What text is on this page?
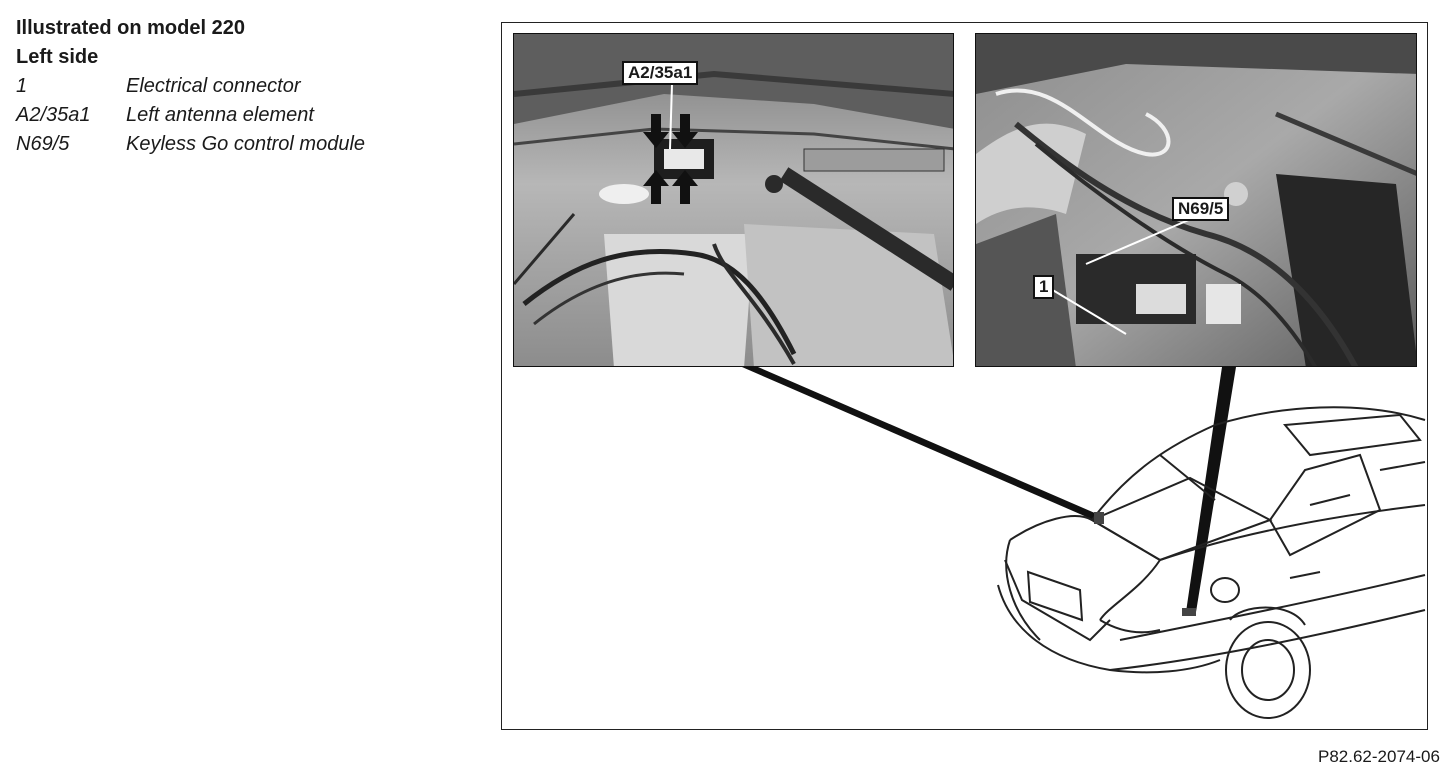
Illustrated on model 220
Left side
1	Electrical connector
A2/35a1	Left antenna element
N69/5	Keyless Go control module
A2/35a1
N69/5
1
P82.62-2074-06
